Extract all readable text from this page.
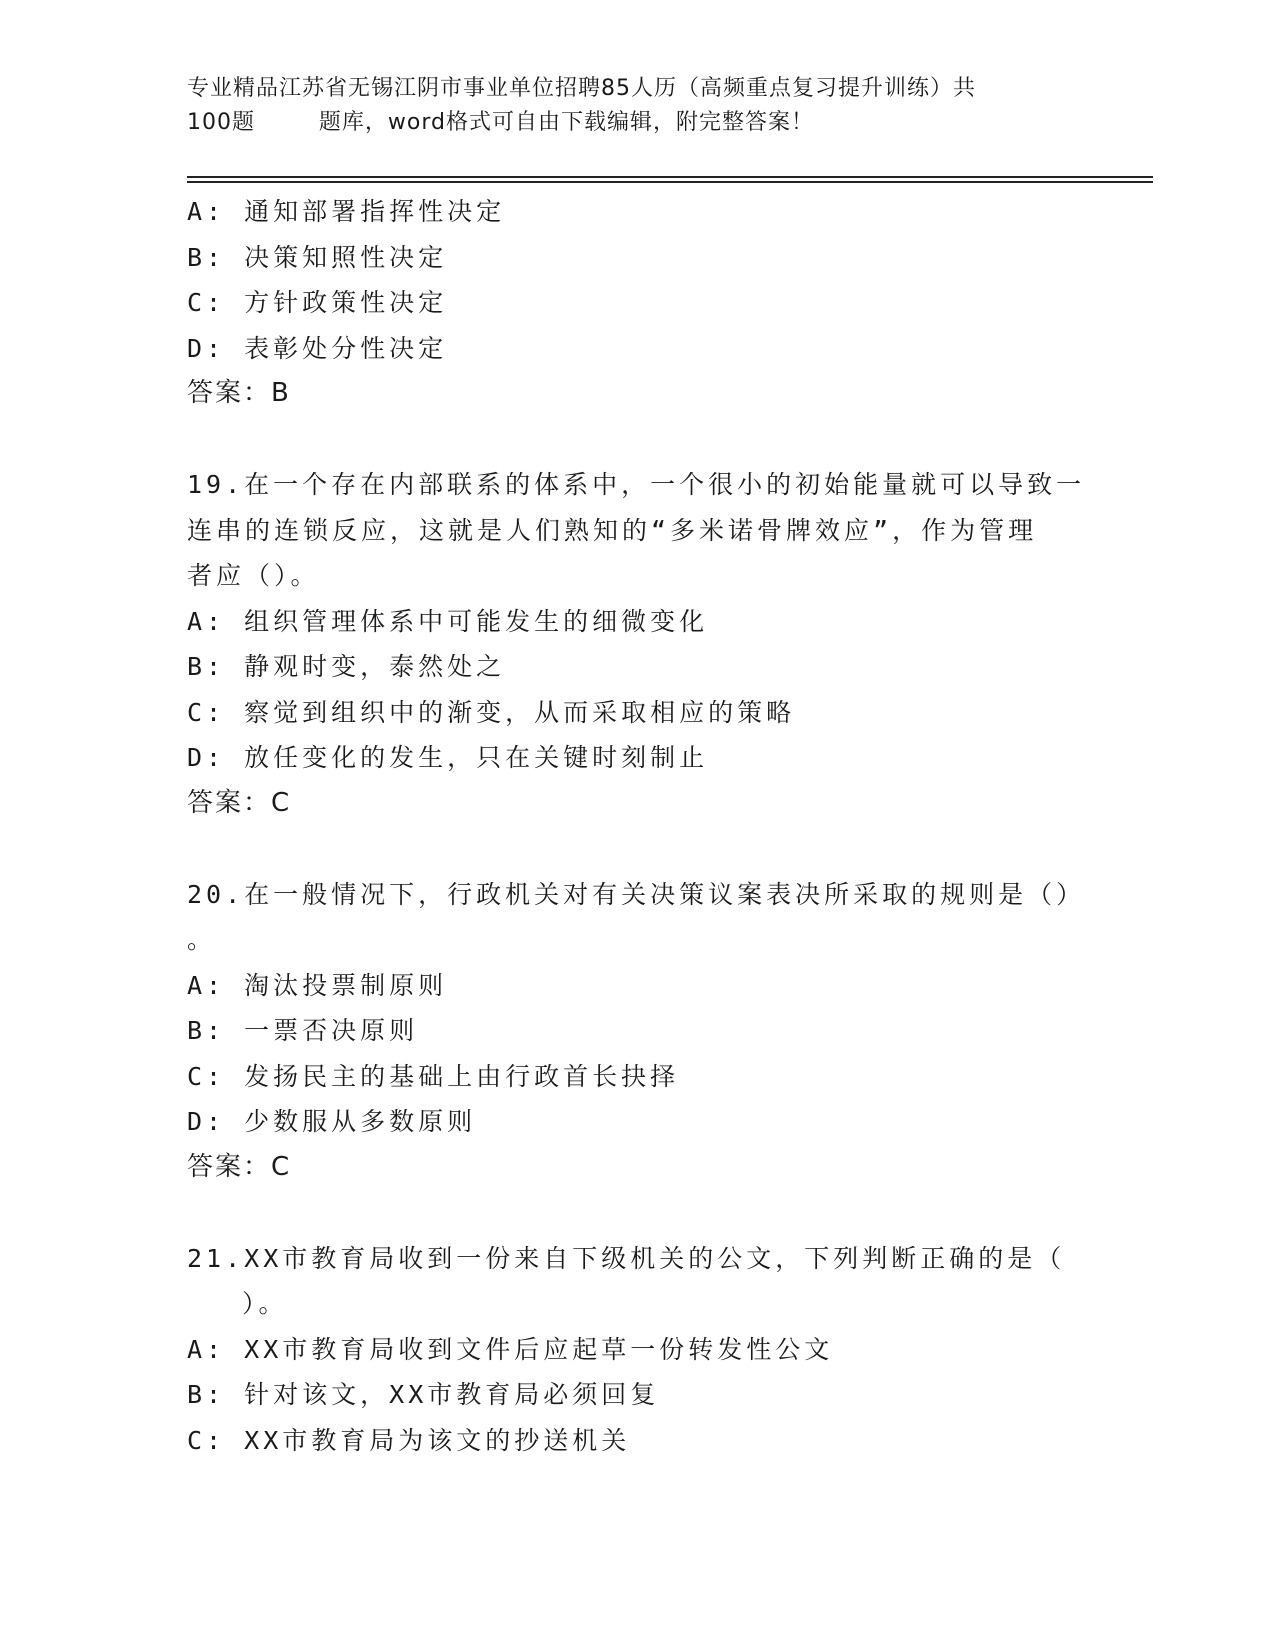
专业精品江苏省无锡江阴市事业单位招聘85人历（高频重点复习提升训练）共
100题        题库，word格式可自由下载编辑，附完整答案！
A: 通知部署指挥性决定
B: 决策知照性决定
C: 方针政策性决定
D: 表彰处分性决定
答案：B
19.在一个存在内部联系的体系中，一个很小的初始能量就可以导致一
连串的连锁反应，这就是人们熟知的“多米诺骨牌效应”，作为管理
者应（）。
A: 组织管理体系中可能发生的细微变化
B: 静观时变，泰然处之
C: 察觉到组织中的渐变，从而采取相应的策略
D: 放任变化的发生，只在关键时刻制止
答案：C
20.在一般情况下，行政机关对有关决策议案表决所采取的规则是（）
。
A: 淘汰投票制原则
B: 一票否决原则
C: 发扬民主的基础上由行政首长抉择
D: 少数服从多数原则
答案：C
21.XX市教育局收到一份来自下级机关的公文，下列判断正确的是（
）。
A: XX市教育局收到文件后应起草一份转发性公文
B: 针对该文，XX市教育局必须回复
C: XX市教育局为该文的抄送机关
